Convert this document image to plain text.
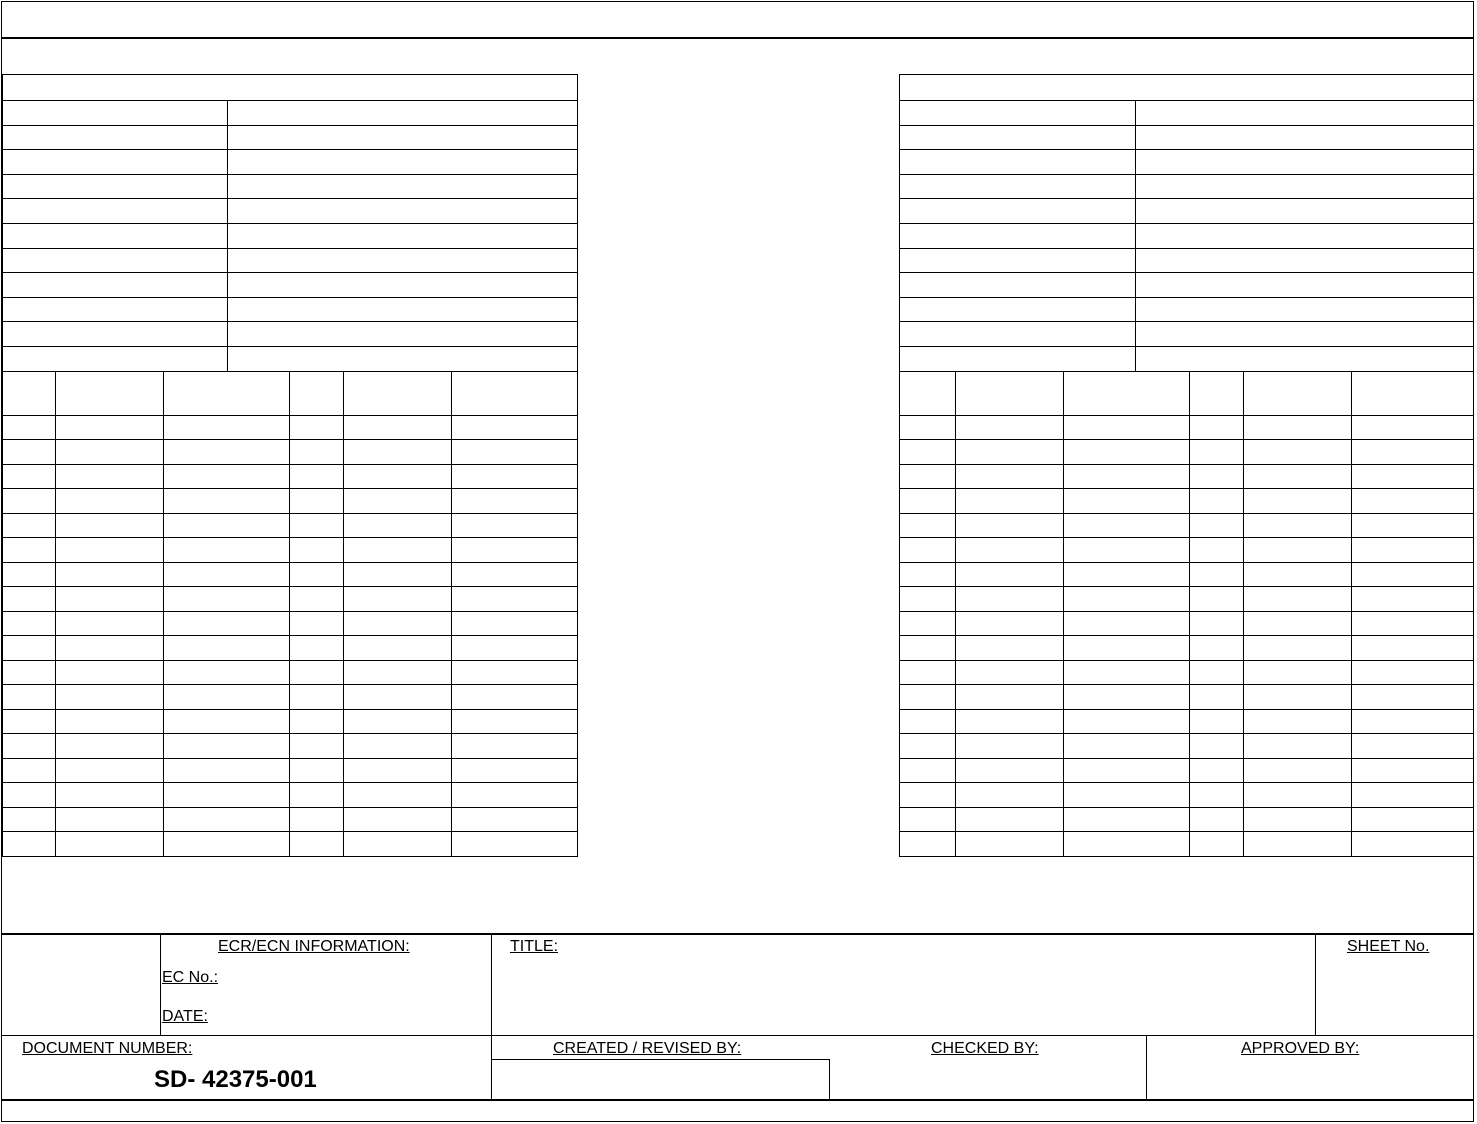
ECR/ECN INFORMATION:
EC No.:
DATE:
TITLE:	SHEET No.
DOCUMENT NUMBER:
SD- 42375-001
CREATED / REVISED BY:	CHECKED BY:	APPROVED BY:
